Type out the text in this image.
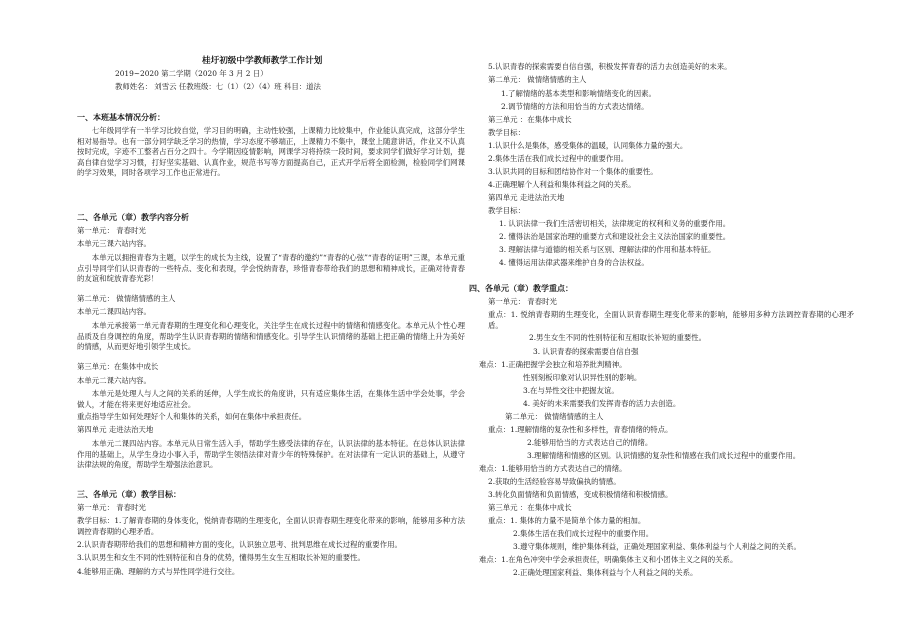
桂圩初级中学教师教学工作计划
2019~2020 第二学期（2020 年 3 月 2 日）
教师姓名： 刘雪云 任教班级：七（1）（2）（4）班 科目：道法
一、本班基本情况分析：
七年级同学有一半学习比较自觉，学习目的明确，主动性较强，上课精力比较集中，作业能认真完成，这部分学生相对易指导。也有一部分同学缺乏学习的热情，学习态度不够端正，上课精力不集中，课堂上随意讲话，作业又不认真按时完成，字迹不工整者占百分之四十。今学期因疫情影响，网课学习将持续一段时间，要求同学们做好学习计划，提高自律自觉学习习惯，打好坚实基础、认真作业，规范书写等方面提高自己，正式开学后将全面检测，检验同学们网课的学习效果，同时各项学习工作也正常进行。
二、各单元（章）教学内容分析
第一单元： 青春时光
本单元三课六站内容。
本单元以拥抱青春为主题，以学生的成长为主线，设置了“青春的邀约”“青春的心弦”“青春的证明”三课，本单元重点引导同学们认识青春的一些特点、变化和表现，学会悦纳青春，珍惜青春带给我们的思想和精神成长，正确对待青春的友谊和绽放青春光彩！
第二单元： 做情绪情感的主人
本单元二课四站内容。
本单元承接第一单元青春期的生理变化和心理变化，关注学生在成长过程中的情绪和情感变化。本单元从个性心理品质及自身调控的角度，帮助学生认识青春期的情绪和情感变化。引导学生认识情绪的基础上把正确的情绪上升为美好的情感，从而更好地引领学生成长。
第三单元：在集体中成长
本单元二课六站内容。
本单元是处理人与人之间的关系的延伸，人学生成长的角度讲，只有适应集体生活，在集体生活中学会处事，学会做人，才能在将来更好地适应社会。
重点指导学生如何处理好个人和集体的关系，如何在集体中承担责任。
第四单元 走进法治天地
本单元二课四站内容。本单元从日常生活入手，帮助学生感受法律的存在，认识法律的基本特征。在总体认识法律作用的基础上，从学生身边小事入手，帮助学生领悟法律对青少年的特殊保护。在对法律有一定认识的基础上，从遵守法律法规的角度，帮助学生增强法治意识。
三、各单元（章）教学目标：
第一单元： 青春时光
教学目标：1.了解青春期的身体变化，悦纳青春期的生理变化，全面认识青春期生理变化带来的影响，能够用多种方法调控青春期的心理矛盾。
2.认识青春期带给我们的思想和精神方面的变化，认识独立思考、批判思维在成长过程的重要作用。
3.认识男生和女生不同的性别特征和自身的优势，懂得男生女生互相取长补短的重要性。
4.能够用正确、理解的方式与异性同学进行交往。
5.认识青春的探索需要自信自强，积极发挥青春的活力去创造美好的未来。
第二单元： 做情绪情感的主人
1.了解情绪的基本类型和影响情绪变化的因素。
2.调节情绪的方法和用恰当的方式表达情绪。
第三单元 ：在集体中成长
教学目标：
1.认识什么是集体，感受集体的温暖，认同集体力量的强大。
2.集体生活在我们成长过程中的重要作用。
3.认识共同的目标和团结协作对一个集体的重要性。
4.正确理解个人利益和集体利益之间的关系。
第四单元 走进法治天地
教学目标：
1. 认识法律一我们生活密切相关，法律规定的权利和义务的重要作用。
2. 懂得法治是国家治理的重要方式和建设社会主义法治国家的重要性。
3. 理解法律与道德的相关系与区别、理解法律的作用和基本特征。
4. 懂得运用法律武器来维护自身的合法权益。
四、各单元（章）教学重点：
第一单元： 青春时光
重点：1. 悦纳青春期的生理变化，全面认识青春期生理变化带来的影响，能够用多种方法调控青春期的心理矛盾。
2.男生女生不同的性别特征和互相取长补短的重要性。
3. 认识青春的探索需要自信自强
难点：1.正确把握学会独立和培养批判精神。
性别刻板印象对认识异性别的影响。
3.在与异性交往中把握友谊。
4. 美好的未来需要我们发挥青春的活力去创造。
第二单元： 做情绪情感的主人
重点：1.理解情绪的复杂性和多样性，青春情绪的特点。
2.能够用恰当的方式表达自己的情绪。
3.理解情绪和情感的区别。认识情感的复杂性和情感在我们成长过程中的重要作用。
难点：1.能够用恰当的方式表达自己的情绪。
2.获取的生活经验容易导致偏执的情感。
3.转化负面情绪和负面情感，变成积极情绪和积极情感。
第三单元 ：在集体中成长
重点：1. 集体的力量不是简单个体力量的相加。
2.集体生活在我们成长过程中的重要作用。
3.遵守集体规则，维护集体利益，正确处理国家利益、集体利益与个人利益之间的关系。
难点：1.在角色冲突中学会承担责任，明确集体主义和小团体主义之间的关系。
2.正确处理国家利益、集体利益与个人利益之间的关系。
